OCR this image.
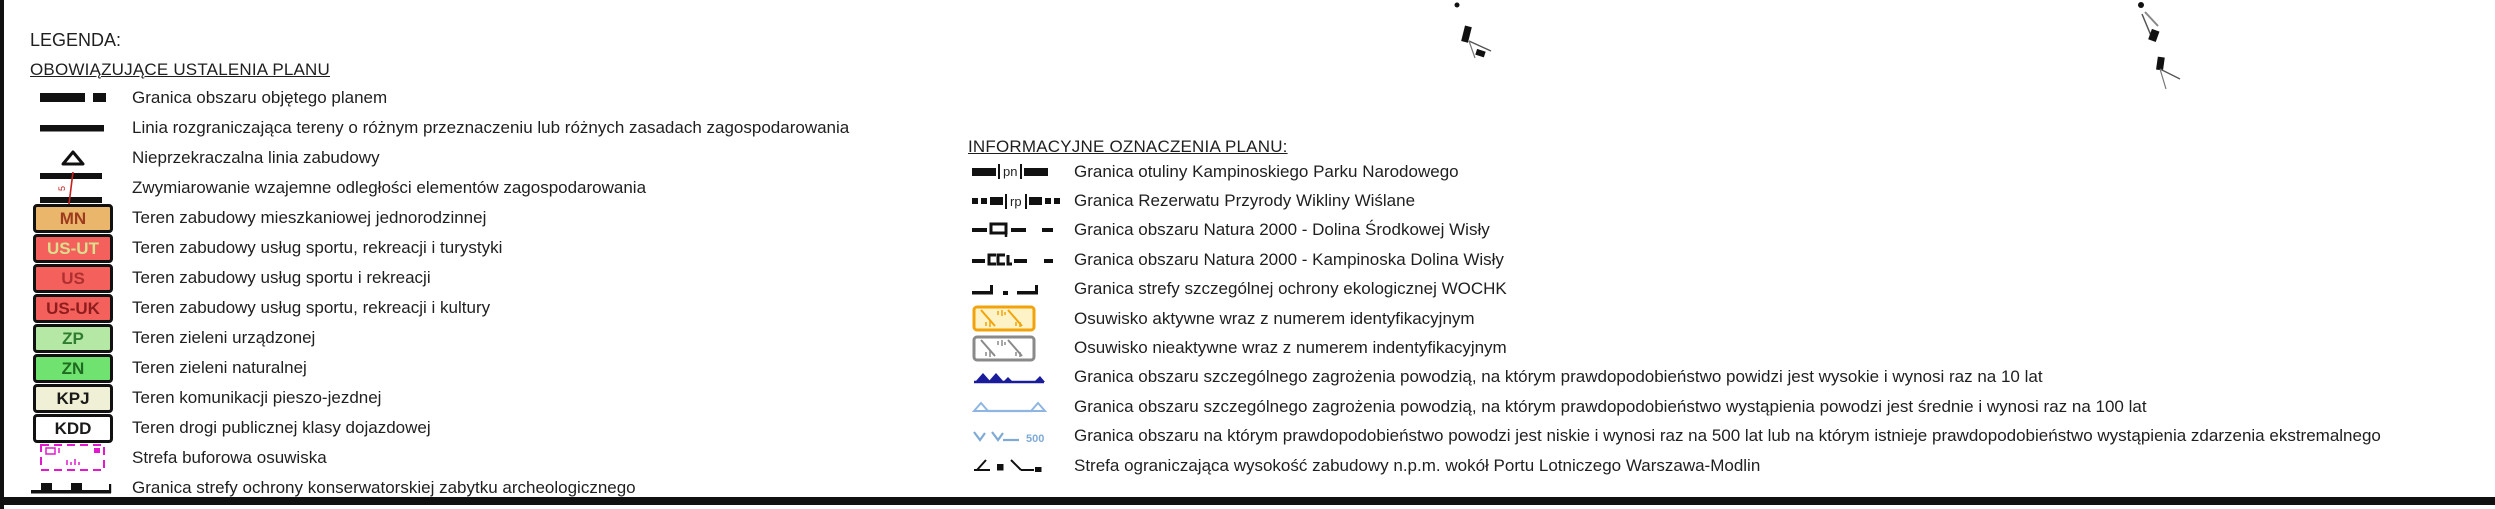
LEGENDA:
OBOWIĄZUJĄCE USTALENIA PLANU
INFORMACYJNE OZNACZENIA PLANU:
Granica obszaru objętego planem
Linia rozgraniczająca tereny o różnym przeznaczeniu lub różnych zasadach zagospodarowania
Nieprzekraczalna linia zabudowy
5	Zwymiarowanie wzajemne odległości elementów zagospodarowania
MN	Teren zabudowy mieszkaniowej jednorodzinnej
US-UT	Teren zabudowy usług sportu, rekreacji i turystyki
US	Teren zabudowy usług sportu i rekreacji
US-UK	Teren zabudowy usług sportu, rekreacji i kultury
ZP	Teren zieleni urządzonej
ZN	Teren zieleni naturalnej
KPJ	Teren komunikacji pieszo-jezdnej
KDD	Teren drogi publicznej klasy dojazdowej
Strefa buforowa osuwiska
Granica strefy ochrony konserwatorskiej zabytku archeologicznego
pn	Granica otuliny Kampinoskiego Parku Narodowego
rp	Granica Rezerwatu Przyrody Wikliny Wiślane
Granica obszaru Natura 2000 - Dolina Środkowej Wisły
Granica obszaru Natura 2000 - Kampinoska Dolina Wisły
Granica strefy szczególnej ochrony ekologicznej WOCHK
Osuwisko aktywne wraz z numerem identyfikacyjnym
Osuwisko nieaktywne wraz z numerem indentyfikacyjnym
Granica obszaru szczególnego zagrożenia powodzią, na którym prawdopodobieństwo powidzi jest wysokie i wynosi raz na 10 lat
Granica obszaru szczególnego zagrożenia powodzią, na którym prawdopodobieństwo wystąpienia powodzi jest średnie i wynosi raz na 100 lat
500 Granica obszaru na którym prawdopodobieństwo powodzi jest niskie i wynosi raz na 500 lat lub na którym istnieje prawdopodobieństwo wystąpienia zdarzenia ekstremalnego
Strefa ograniczająca wysokość zabudowy n.p.m. wokół Portu Lotniczego Warszawa-Modlin
